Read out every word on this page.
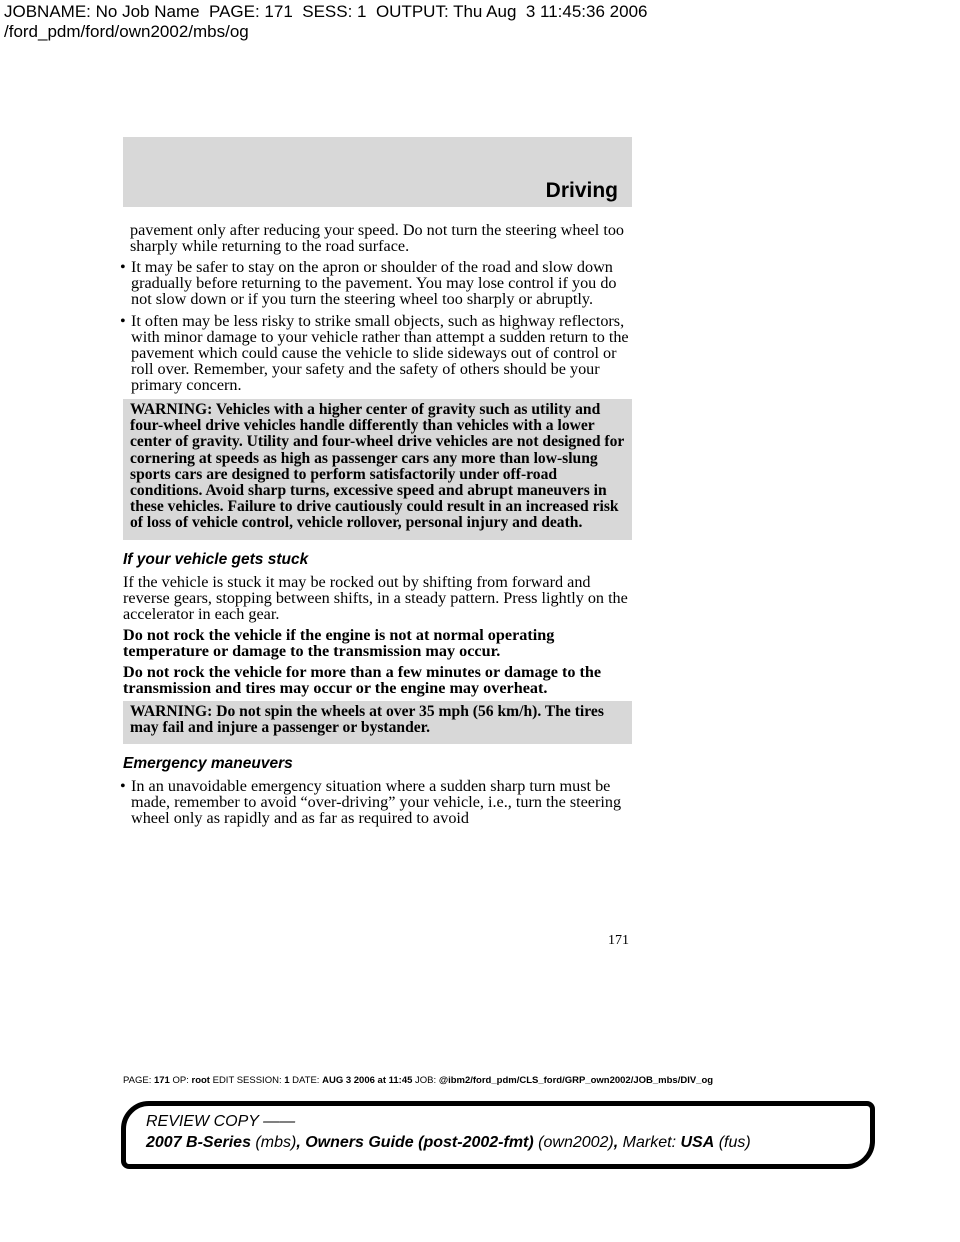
JOBNAME: No Job Name  PAGE: 171  SESS: 1  OUTPUT: Thu Aug  3 11:45:36 2006
/ford_pdm/ford/own2002/mbs/og
Driving

pavement only after reducing your speed. Do not turn the steering wheel too sharply while returning to the road surface.

• It may be safer to stay on the apron or shoulder of the road and slow down gradually before returning to the pavement. You may lose control if you do not slow down or if you turn the steering wheel too sharply or abruptly.
• It often may be less risky to strike small objects, such as highway reflectors, with minor damage to your vehicle rather than attempt a sudden return to the pavement which could cause the vehicle to slide sideways out of control or roll over. Remember, your safety and the safety of others should be your primary concern.
WARNING: Vehicles with a higher center of gravity such as utility and four-wheel drive vehicles handle differently than vehicles with a lower center of gravity. Utility and four-wheel drive vehicles are not designed for cornering at speeds as high as passenger cars any more than low-slung sports cars are designed to perform satisfactorily under off-road conditions. Avoid sharp turns, excessive speed and abrupt maneuvers in these vehicles. Failure to drive cautiously could result in an increased risk of loss of vehicle control, vehicle rollover, personal injury and death.
If your vehicle gets stuck

If the vehicle is stuck it may be rocked out by shifting from forward and reverse gears, stopping between shifts, in a steady pattern. Press lightly on the accelerator in each gear.

Do not rock the vehicle if the engine is not at normal operating temperature or damage to the transmission may occur.

Do not rock the vehicle for more than a few minutes or damage to the transmission and tires may occur or the engine may overheat.

WARNING: Do not spin the wheels at over 35 mph (56 km/h). The tires may fail and injure a passenger or bystander.
Emergency maneuvers
• In an unavoidable emergency situation where a sudden sharp turn must be made, remember to avoid “over-driving” your vehicle, i.e., turn the steering wheel only as rapidly and as far as required to avoid
171
PAGE: 171 OP: root EDIT SESSION: 1 DATE: AUG 3 2006 at 11:45 JOB: @ibm2/ford_pdm/CLS_ford/GRP_own2002/JOB_mbs/DIV_og
REVIEW COPY ——
2007 B-Series (mbs), Owners Guide (post-2002-fmt) (own2002), Market: USA (fus)
